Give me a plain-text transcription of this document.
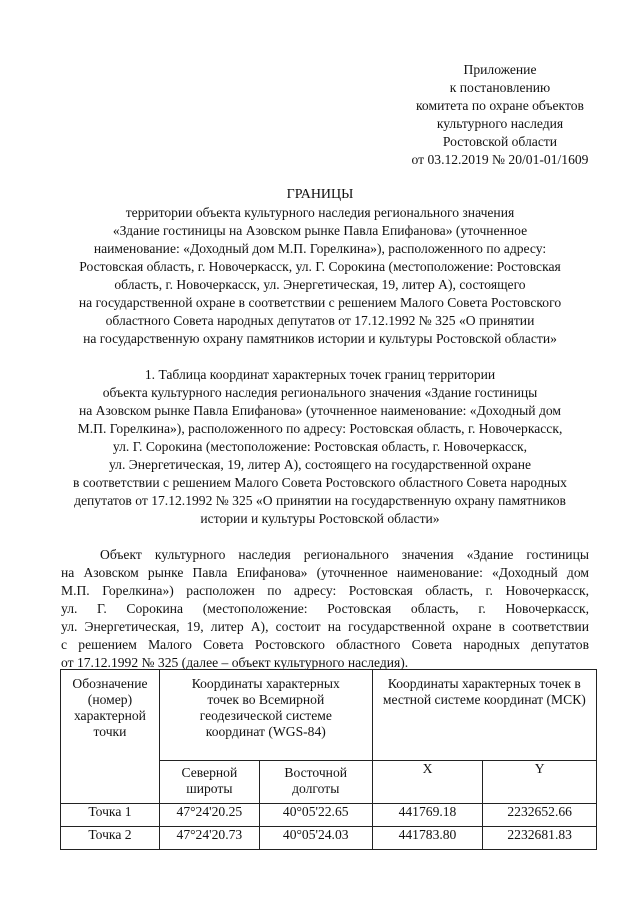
Приложение
к постановлению
комитета по охране объектов
культурного наследия
Ростовской области
от 03.12.2019 № 20/01-01/1609
ГРАНИЦЫ
территории объекта культурного наследия регионального значения
«Здание гостиницы на Азовском рынке Павла Епифанова» (уточненное
наименование: «Доходный дом М.П. Горелкина»), расположенного по адресу:
Ростовская область, г. Новочеркасск, ул. Г. Сорокина (местоположение: Ростовская
область, г. Новочеркасск, ул. Энергетическая, 19, литер А), состоящего
на государственной охране в соответствии с решением Малого Совета Ростовского
областного Совета народных депутатов от 17.12.1992 № 325 «О принятии
на государственную охрану памятников истории и культуры Ростовской области»
1. Таблица координат характерных точек границ территории
объекта культурного наследия регионального значения «Здание гостиницы
на Азовском рынке Павла Епифанова» (уточненное наименование: «Доходный дом
М.П. Горелкина»), расположенного по адресу: Ростовская область, г. Новочеркасск,
ул. Г. Сорокина (местоположение: Ростовская область, г. Новочеркасск,
ул. Энергетическая, 19, литер А), состоящего на государственной охране
в соответствии с решением Малого Совета Ростовского областного Совета народных
депутатов от 17.12.1992 № 325 «О принятии на государственную охрану памятников
истории и культуры Ростовской области»
Объект культурного наследия регионального значения «Здание гостиницы
на Азовском рынке Павла Епифанова» (уточненное наименование: «Доходный дом
М.П. Горелкина») расположен по адресу: Ростовская область, г. Новочеркасск,
ул. Г. Сорокина (местоположение: Ростовская область, г. Новочеркасск,
ул. Энергетическая, 19, литер А), состоит на государственной охране в соответствии
с решением Малого Совета Ростовского областного Совета народных депутатов
от 17.12.1992 № 325 (далее – объект культурного наследия).
Обозначение (номер) характерной точки	Координаты характерных точек во Всемирной геодезической системе координат (WGS-84)		Координаты характерных точек в местной системе координат (МСК)	
	Северной широты	Восточной долготы	X	Y
Точка 1	47°24'20.25	40°05'22.65	441769.18	2232652.66
Точка 2	47°24'20.73	40°05'24.03	441783.80	2232681.83
